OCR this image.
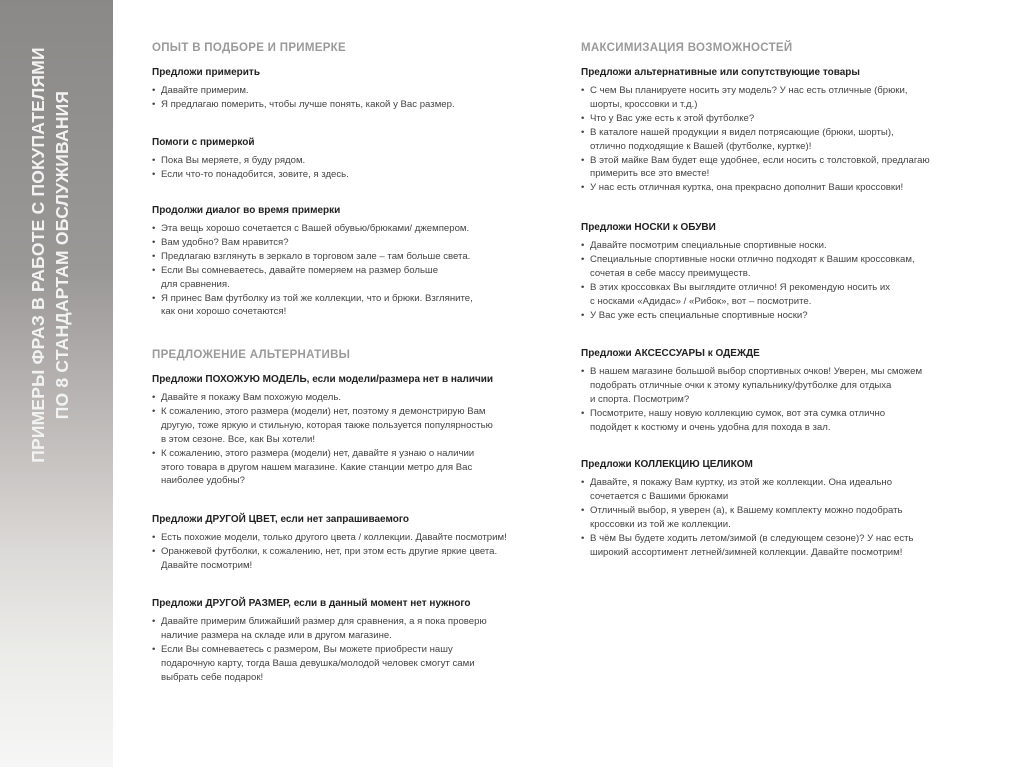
ПРИМЕРЫ ФРАЗ В РАБОТЕ С ПОКУПАТЕЛЯМИ ПО 8 СТАНДАРТАМ ОБСЛУЖИВАНИЯ
ОПЫТ В ПОДБОРЕ И ПРИМЕРКЕ
Предложи примерить
• Давайте примерим.
• Я предлагаю померить, чтобы лучше понять, какой у Вас размер.
Помоги с примеркой
• Пока Вы меряете, я буду рядом.
• Если что-то понадобится, зовите, я здесь.
Продолжи диалог во время примерки
• Эта вещь хорошо сочетается с Вашей обувью/брюками/ джемпером.
• Вам удобно? Вам нравится?
• Предлагаю взглянуть в зеркало в торговом зале – там больше света.
• Если Вы сомневаетесь, давайте померяем на размер больше
для сравнения.
• Я принес Вам футболку из той же коллекции, что и брюки. Взгляните,
как они хорошо сочетаются!
ПРЕДЛОЖЕНИЕ АЛЬТЕРНАТИВЫ
Предложи ПОХОЖУЮ МОДЕЛЬ, если модели/размера нет в наличии
• Давайте я покажу Вам похожую модель.
• К сожалению, этого размера (модели) нет, поэтому я демонстрирую Вам
другую, тоже яркую и стильную, которая также пользуется популярностью
в этом сезоне. Все, как Вы хотели!
• К сожалению, этого размера (модели) нет, давайте я узнаю о наличии
этого товара в другом нашем магазине. Какие станции метро для Вас
наиболее удобны?
Предложи ДРУГОЙ ЦВЕТ, если нет запрашиваемого
• Есть похожие модели, только другого цвета / коллекции. Давайте посмотрим!
• Оранжевой футболки, к сожалению, нет, при этом есть другие яркие цвета.
Давайте посмотрим!
Предложи ДРУГОЙ РАЗМЕР, если в данный момент нет нужного
• Давайте примерим ближайший размер для сравнения, а я пока проверю
наличие размера на складе или в другом магазине.
• Если Вы сомневаетесь с размером, Вы можете приобрести нашу
подарочную карту, тогда Ваша девушка/молодой человек смогут сами
выбрать себе подарок!
МАКСИМИЗАЦИЯ ВОЗМОЖНОСТЕЙ
Предложи альтернативные или сопутствующие товары
• С чем Вы планируете носить эту модель? У нас есть отличные (брюки,
шорты, кроссовки и т.д.)
• Что у Вас уже есть к этой футболке?
• В каталоге нашей продукции я видел потрясающие (брюки, шорты),
отлично подходящие к Вашей (футболке, куртке)!
• В этой майке Вам будет еще удобнее, если носить с толстовкой, предлагаю
примерить все это вместе!
• У нас есть отличная куртка, она прекрасно дополнит Ваши кроссовки!
Предложи НОСКИ к ОБУВИ
• Давайте посмотрим специальные спортивные носки.
• Специальные спортивные носки отлично подходят к Вашим кроссовкам,
сочетая в себе массу преимуществ.
• В этих кроссовках Вы выглядите отлично! Я рекомендую носить их
с носками «Адидас» / «Рибок», вот – посмотрите.
• У Вас уже есть специальные спортивные носки?
Предложи АКСЕССУАРЫ к ОДЕЖДЕ
• В нашем магазине большой выбор спортивных очков! Уверен, мы сможем
подобрать отличные очки к этому купальнику/футболке для отдыха
и спорта. Посмотрим?
• Посмотрите, нашу новую коллекцию сумок, вот эта сумка отлично
подойдет к костюму и очень удобна для похода в зал.
Предложи КОЛЛЕКЦИЮ ЦЕЛИКОМ
• Давайте, я покажу Вам куртку, из этой же коллекции. Она идеально
сочетается с Вашими брюками
• Отличный выбор, я уверен (а), к Вашему комплекту можно подобрать
кроссовки из той же коллекции.
• В чём Вы будете ходить летом/зимой (в следующем сезоне)? У нас есть
широкий ассортимент летней/зимней коллекции. Давайте посмотрим!
